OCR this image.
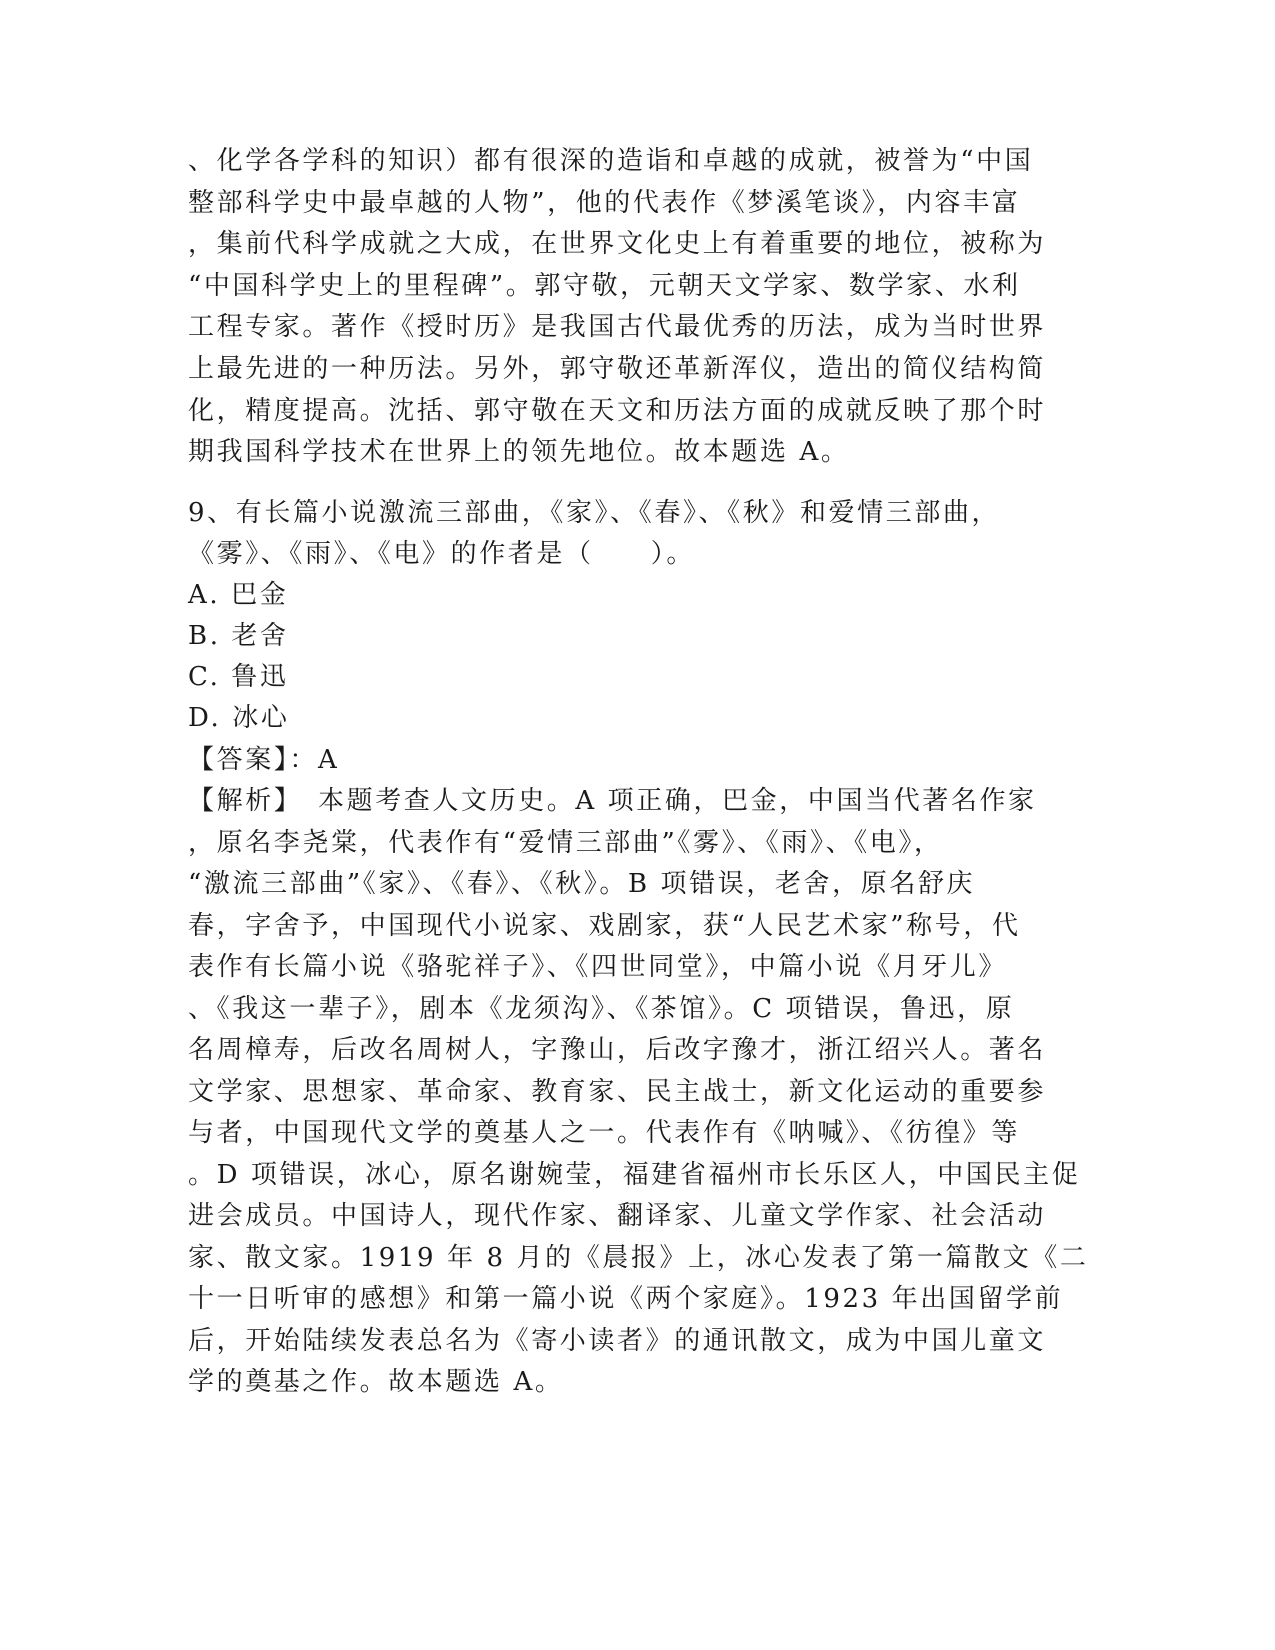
、化学各学科的知识）都有很深的造诣和卓越的成就，被誉为“中国
整部科学史中最卓越的人物”，他的代表作《梦溪笔谈》，内容丰富
，集前代科学成就之大成，在世界文化史上有着重要的地位，被称为
“中国科学史上的里程碑”。郭守敬，元朝天文学家、数学家、水利
工程专家。著作《授时历》是我国古代最优秀的历法，成为当时世界
上最先进的一种历法。另外，郭守敬还革新浑仪，造出的简仪结构简
化，精度提高。沈括、郭守敬在天文和历法方面的成就反映了那个时
期我国科学技术在世界上的领先地位。故本题选 A。
9、有长篇小说激流三部曲，《家》、《春》、《秋》和爱情三部曲，
《雾》、《雨》、《电》的作者是（　　）。
A. 巴金
B. 老舍
C. 鲁迅
D. 冰心
【答案】：A
【解析】　本题考查人文历史。A 项正确，巴金，中国当代著名作家
，原名李尧棠，代表作有“爱情三部曲”《雾》、《雨》、《电》，
“激流三部曲”《家》、《春》、《秋》。B 项错误，老舍，原名舒庆
春，字舍予，中国现代小说家、戏剧家，获“人民艺术家”称号，代
表作有长篇小说《骆驼祥子》、《四世同堂》，中篇小说《月牙儿》
、《我这一辈子》，剧本《龙须沟》、《茶馆》。C 项错误，鲁迅，原
名周樟寿，后改名周树人，字豫山，后改字豫才，浙江绍兴人。著名
文学家、思想家、革命家、教育家、民主战士，新文化运动的重要参
与者，中国现代文学的奠基人之一。代表作有《呐喊》、《彷徨》等
。D 项错误，冰心，原名谢婉莹，福建省福州市长乐区人，中国民主促
进会成员。中国诗人，现代作家、翻译家、儿童文学作家、社会活动
家、散文家。1919 年 8 月的《晨报》上，冰心发表了第一篇散文《二
十一日听审的感想》和第一篇小说《两个家庭》。1923 年出国留学前
后，开始陆续发表总名为《寄小读者》的通讯散文，成为中国儿童文
学的奠基之作。故本题选 A。
